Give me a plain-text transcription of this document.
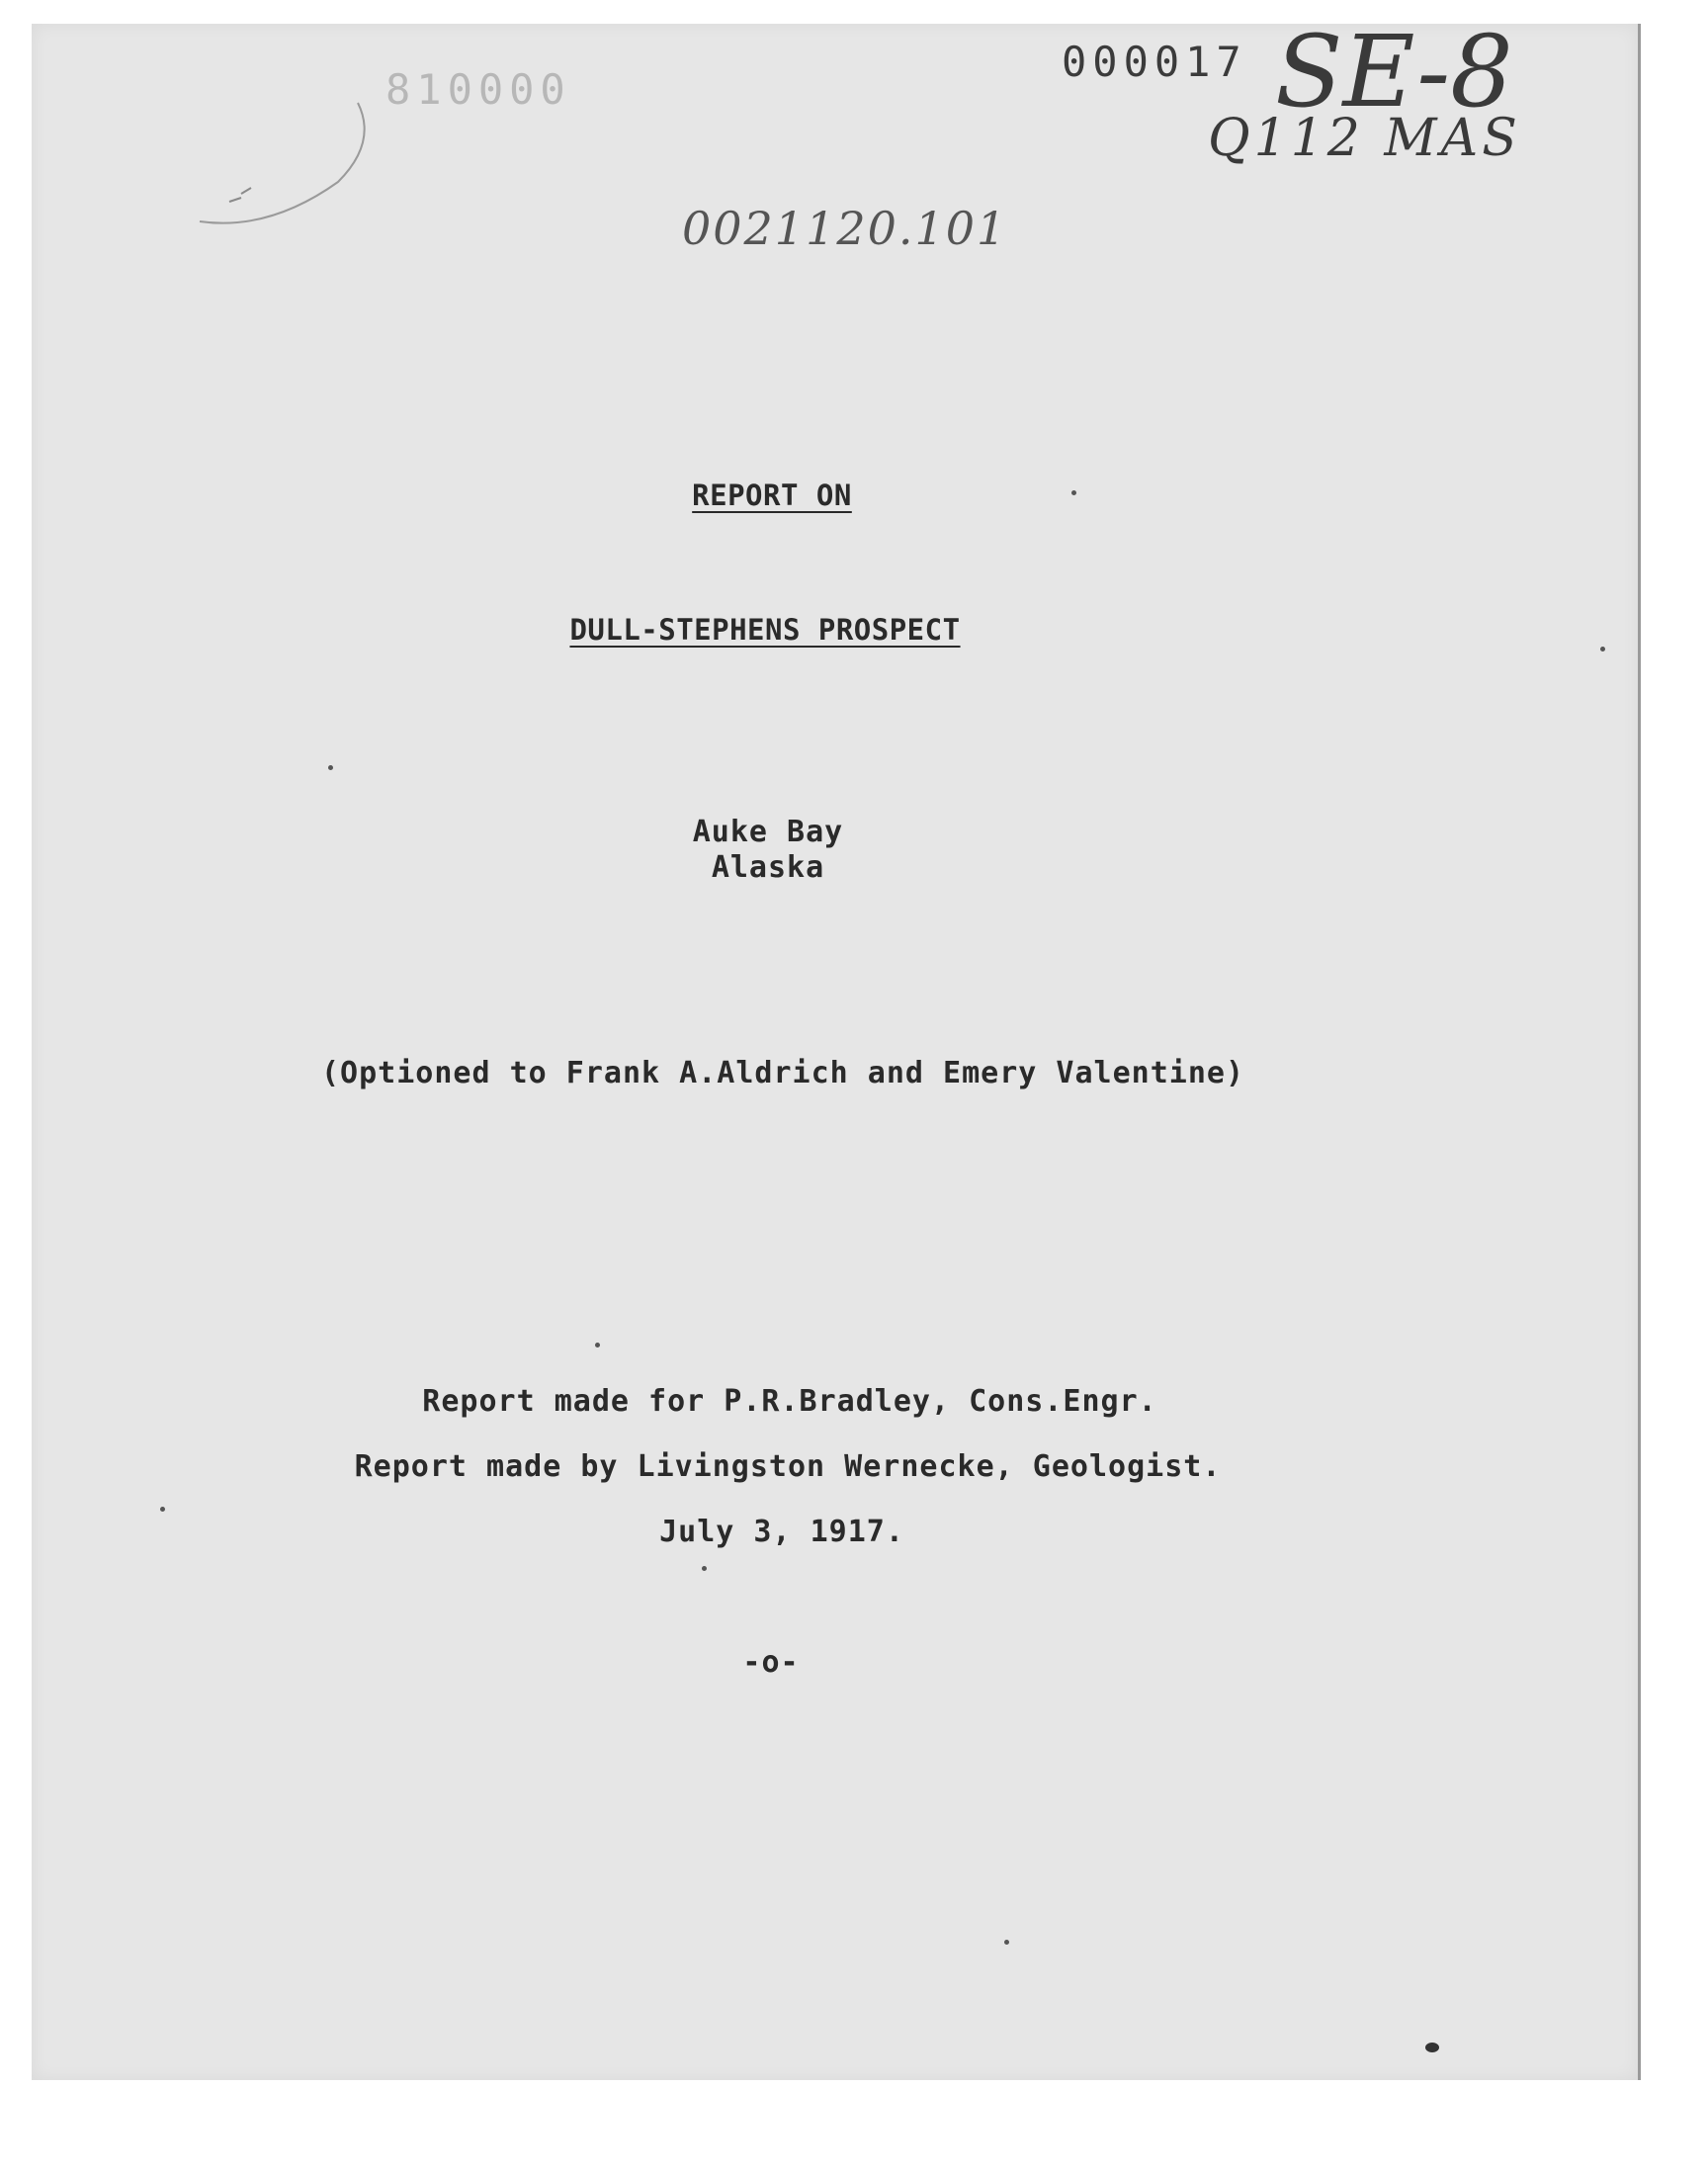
810000
000017 SE-8
Q112 MAS
0021120.101
REPORT ON
DULL-STEPHENS PROSPECT
Auke Bay
Alaska
(Optioned to Frank A.Aldrich and Emery Valentine)
Report made for P.R.Bradley, Cons.Engr.
Report made by Livingston Wernecke, Geologist.
July 3, 1917.
-o-
